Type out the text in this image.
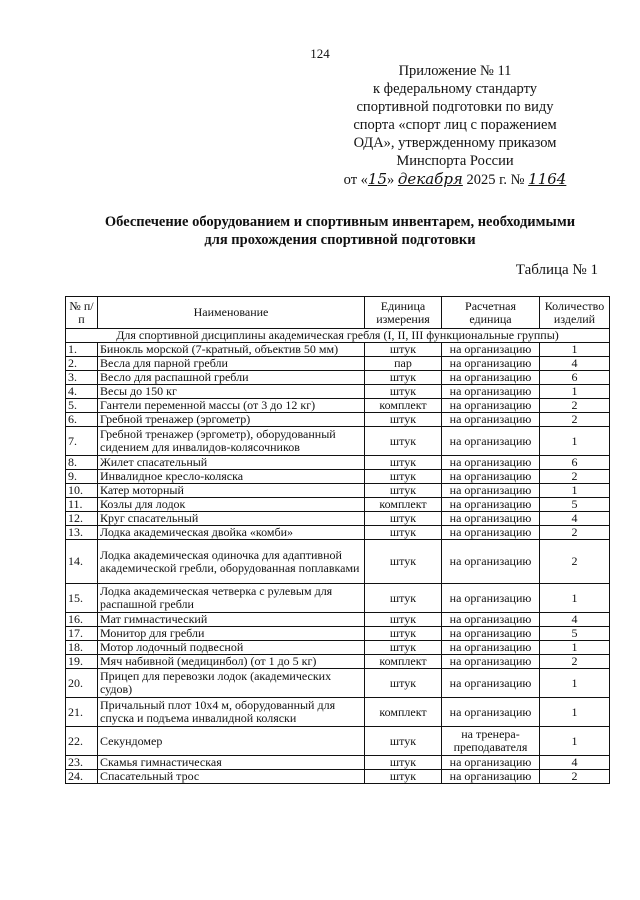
124
Приложение № 11
к федеральному стандарту
спортивной подготовки по виду
спорта «спорт лиц с поражением
ОДА», утвержденному приказом
Минспорта России
от «15» декабря 2025 г. № 1164
Обеспечение оборудованием и спортивным инвентарем, необходимыми
для прохождения спортивной подготовки
Таблица № 1
№ п/п	Наименование	Единица измерения	Расчетная единица	Количество изделий
Для спортивной дисциплины академическая гребля (I, II, III функциональные группы)				
1.	Бинокль морской (7-кратный, объектив 50 мм)	штук	на организацию	1
2.	Весла для парной гребли	пар	на организацию	4
3.	Весло для распашной гребли	штук	на организацию	6
4.	Весы до 150 кг	штук	на организацию	1
5.	Гантели переменной массы (от 3 до 12 кг)	комплект	на организацию	2
6.	Гребной тренажер (эргометр)	штук	на организацию	2
7.	Гребной тренажер (эргометр), оборудованный сидением для инвалидов-колясочников	штук	на организацию	1
8.	Жилет спасательный	штук	на организацию	6
9.	Инвалидное кресло-коляска	штук	на организацию	2
10.	Катер моторный	штук	на организацию	1
11.	Козлы для лодок	комплект	на организацию	5
12.	Круг спасательный	штук	на организацию	4
13.	Лодка академическая двойка «комби»	штук	на организацию	2
14.	Лодка академическая одиночка для адаптивной академической гребли, оборудованная поплавками	штук	на организацию	2
15.	Лодка академическая четверка с рулевым для распашной гребли	штук	на организацию	1
16.	Мат гимнастический	штук	на организацию	4
17.	Монитор для гребли	штук	на организацию	5
18.	Мотор лодочный подвесной	штук	на организацию	1
19.	Мяч набивной (медицинбол) (от 1 до 5 кг)	комплект	на организацию	2
20.	Прицеп для перевозки лодок (академических судов)	штук	на организацию	1
21.	Причальный плот 10х4 м, оборудованный для спуска и подъема инвалидной коляски	комплект	на организацию	1
22.	Секундомер	штук	на тренера-преподавателя	1
23.	Скамья гимнастическая	штук	на организацию	4
24.	Спасательный трос	штук	на организацию	2
